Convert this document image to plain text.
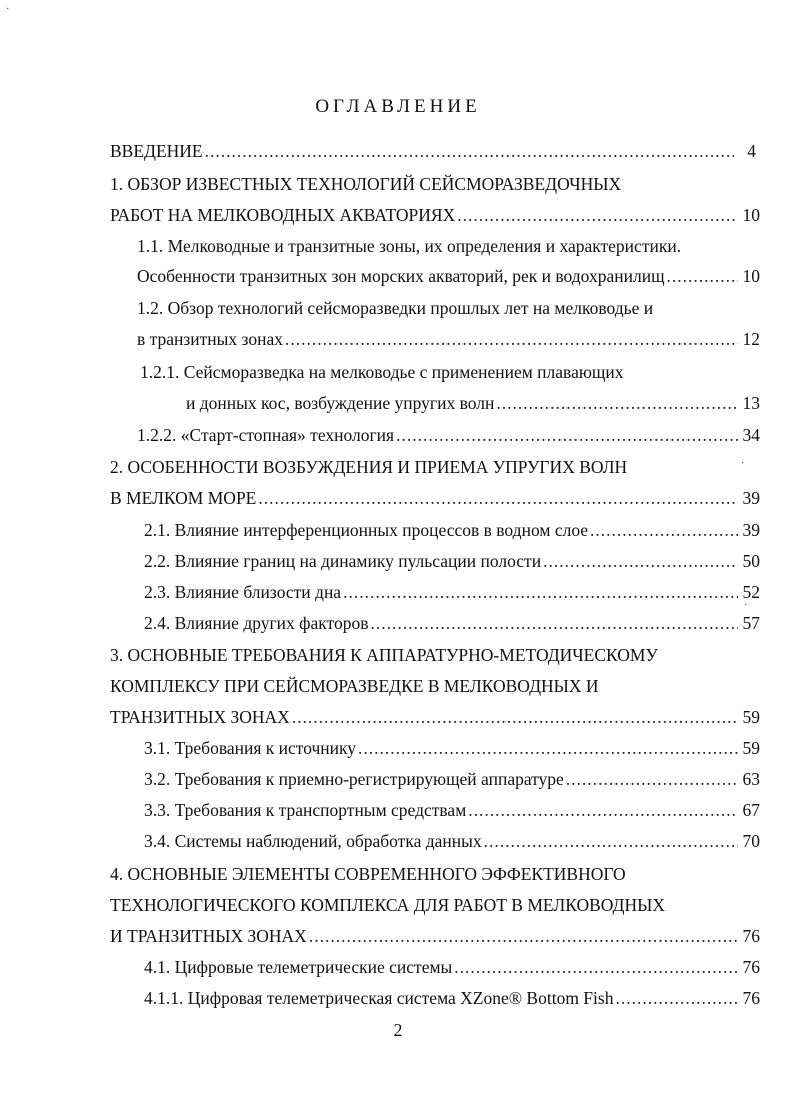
ОГЛАВЛЕНИЕ
ВВЕДЕНИЕ .....	4
1. ОБЗОР ИЗВЕСТНЫХ ТЕХНОЛОГИЙ СЕЙСМОРАЗВЕДОЧНЫХ
РАБОТ НА МЕЛКОВОДНЫХ АКВАТОРИЯХ .....	10
1.1. Мелководные и транзитные зоны, их определения и характеристики.
Особенности транзитных зон морских акваторий, рек и водохранилищ .....	10
1.2. Обзор технологий сейсморазведки прошлых лет на мелководье и
в транзитных зонах .....	12
1.2.1. Сейсморазведка на мелководье с применением плавающих
и донных кос, возбуждение упругих волн .....	13
1.2.2. «Старт-стопная» технология .....	34
2. ОСОБЕННОСТИ ВОЗБУЖДЕНИЯ И ПРИЕМА УПРУГИХ ВОЛН
В МЕЛКОМ МОРЕ .....	39
2.1. Влияние интерференционных процессов в водном слое .....	39
2.2. Влияние границ на динамику пульсации полости .....	50
2.3. Влияние близости дна .....	52
2.4. Влияние других факторов .....	57
3. ОСНОВНЫЕ ТРЕБОВАНИЯ К АППАРАТУРНО-МЕТОДИЧЕСКОМУ
КОМПЛЕКСУ ПРИ СЕЙСМОРАЗВЕДКЕ В МЕЛКОВОДНЫХ И
ТРАНЗИТНЫХ ЗОНАХ .....	59
3.1. Требования к источнику .....	59
3.2. Требования к приемно-регистрирующей аппаратуре .....	63
3.3. Требования к транспортным средствам .....	67
3.4. Системы наблюдений, обработка данных .....	70
4. ОСНОВНЫЕ ЭЛЕМЕНТЫ СОВРЕМЕННОГО ЭФФЕКТИВНОГО
ТЕХНОЛОГИЧЕСКОГО КОМПЛЕКСА ДЛЯ РАБОТ В МЕЛКОВОДНЫХ
И ТРАНЗИТНЫХ ЗОНАХ .....	76
4.1. Цифровые телеметрические системы .....	76
4.1.1. Цифровая телеметрическая система XZone® Bottom Fish .....	76
2
·
·
·
